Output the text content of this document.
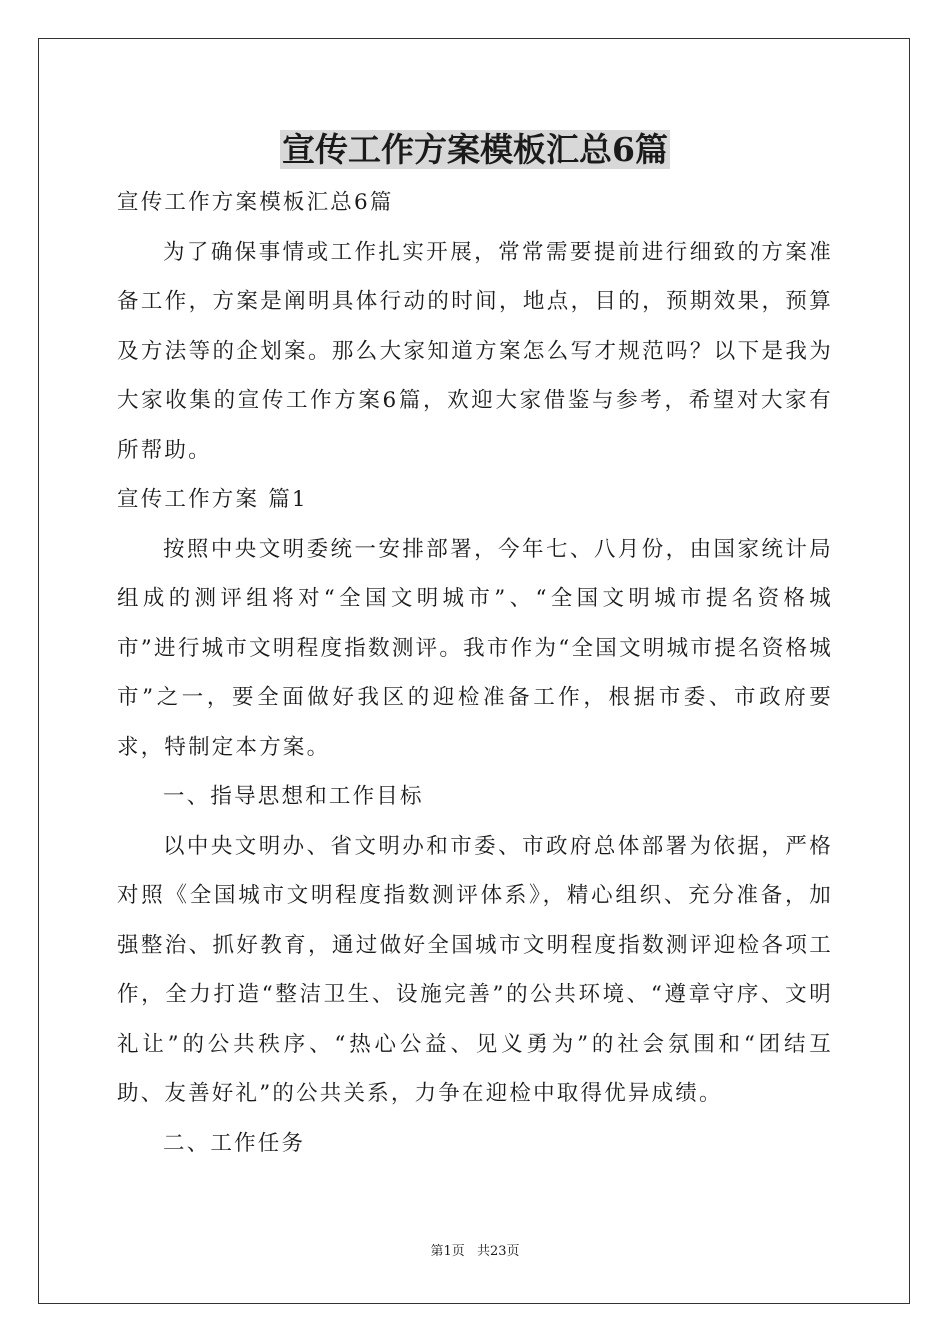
宣传工作方案模板汇总6篇

宣传工作方案模板汇总6篇

为了确保事情或工作扎实开展，常常需要提前进行细致的方案准备工作，方案是阐明具体行动的时间，地点，目的，预期效果，预算及方法等的企划案。那么大家知道方案怎么写才规范吗？以下是我为大家收集的宣传工作方案6篇，欢迎大家借鉴与参考，希望对大家有所帮助。

宣传工作方案 篇1

按照中央文明委统一安排部署，今年七、八月份，由国家统计局组成的测评组将对“全国文明城市”、“全国文明城市提名资格城市”进行城市文明程度指数测评。我市作为“全国文明城市提名资格城市”之一，要全面做好我区的迎检准备工作，根据市委、市政府要求，特制定本方案。

一、指导思想和工作目标

以中央文明办、省文明办和市委、市政府总体部署为依据，严格对照《全国城市文明程度指数测评体系》，精心组织、充分准备，加强整治、抓好教育，通过做好全国城市文明程度指数测评迎检各项工作，全力打造“整洁卫生、设施完善”的公共环境、“遵章守序、文明礼让”的公共秩序、“热心公益、见义勇为”的社会氛围和“团结互助、友善好礼”的公共关系，力争在迎检中取得优异成绩。

二、工作任务

第1页 共23页
